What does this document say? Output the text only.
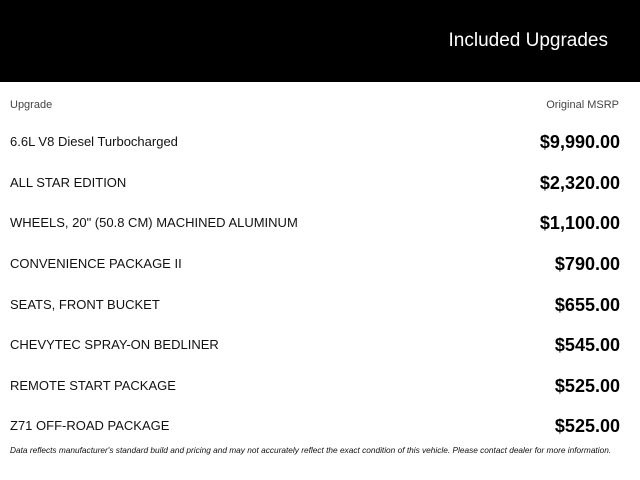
Included Upgrades
Upgrade	Original MSRP
6.6L V8 Diesel Turbocharged	$9,990.00
ALL STAR EDITION	$2,320.00
WHEELS, 20" (50.8 CM) MACHINED ALUMINUM	$1,100.00
CONVENIENCE PACKAGE II	$790.00
SEATS, FRONT BUCKET	$655.00
CHEVYTEC SPRAY-ON BEDLINER	$545.00
REMOTE START PACKAGE	$525.00
Z71 OFF-ROAD PACKAGE	$525.00
Data reflects manufacturer's standard build and pricing and may not accurately reflect the exact condition of this vehicle. Please contact dealer for more information.
